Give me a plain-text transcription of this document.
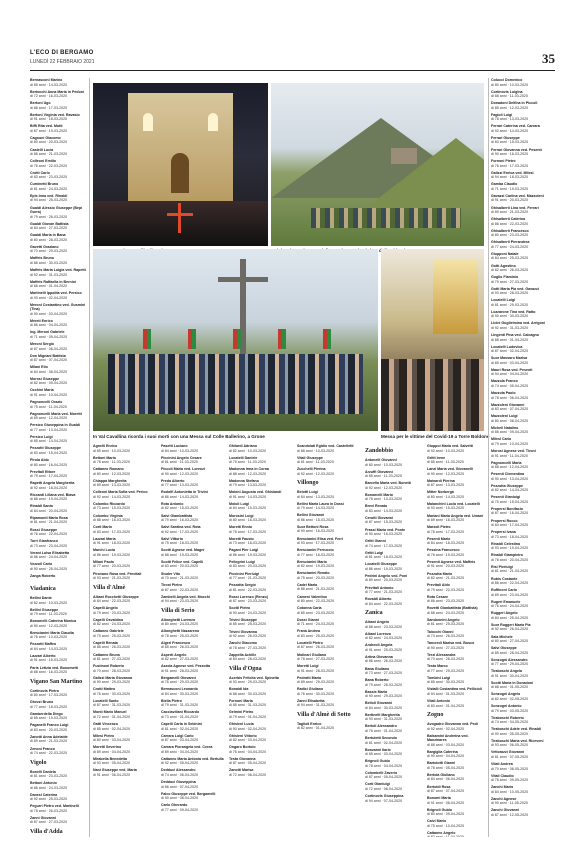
L'ECO DI BERGAMO
LUNEDÌ 22 FEBBRAIO 2021	35
Bernasconi Marino
di 85 anni · 14-03-2020
Bertocchi Anna Maria in Pedoni
di 72 anni · 16-03-2020
Bertoni Ugo
di 88 anni · 17-03-2020
Bertoni Virginia ved. Ravasio
di 91 anni · 18-03-2020
Biffi Rita ved. Mutti
di 87 anni · 19-03-2020
Cagnoni Giacomo
di 80 anni · 20-03-2020
Castelli Lucia
di 86 anni · 21-03-2020
Colleoni Emilio
di 76 anni · 22-03-2020
Crotti Carlo
di 83 anni · 23-03-2020
Cuminetti Bruno
di 81 anni · 24-03-2020
Epis Irma ved. Rinaldi
di 94 anni · 25-03-2020
Gualdi Alessio Giuseppe (Bepi Gurra)
di 79 anni · 26-03-2020
Gualdi Giovan Battista
di 84 anni · 27-03-2020
Gualdi Maria in Bana
di 80 anni · 28-03-2020
Gavetti Graziano
di 70 anni · 29-03-2020
Maffeis Bruno
di 88 anni · 30-03-2020
Maffeis Maria Luigia ved. Rapetti
di 92 anni · 31-03-2020
Maffeis Raffaella in Bernini
di 68 anni · 01-04-2020
Martinelli Ippolita ved. Persico
di 93 anni · 02-04-2020
Meroni Costantino ved. Gusmini (Tina)
di 90 anni · 03-04-2020
Mereti Enrico
di 86 anni · 04-04-2020
Ing. Meroni Gabriele
di 71 anni · 05-04-2020
Meroni Sergio
di 67 anni · 06-04-2020
Don Mignani Battista
di 87 anni · 07-04-2020
Milani Elio
di 84 anni · 08-04-2020
Morosi Giuseppe
di 82 anni · 09-04-2020
Occhini Maria
di 91 anni · 10-04-2020
Pagnoncelli Orazio
di 75 anni · 11-04-2020
Pagnoncelli Maria ved. Moretti
di 89 anni · 12-04-2020
Persico Giuseppina in Gualdi
di 77 anni · 13-04-2020
Persico Luigi
di 85 anni · 14-04-2020
Pezzotti Giuseppe
di 83 anni · 15-04-2020
Pirola Aldo
di 80 anni · 16-04-2020
Previtali Ettore
di 79 anni · 17-04-2020
Rapetti Angela Margherita
di 92 anni · 18-04-2020
Riccardi Liliana ved. Biava
di 88 anni · 19-04-2020
Rinaldi Santo
di 84 anni · 20-04-2020
Ripamonti Maria Rosa
di 81 anni · 21-04-2020
Rossi Giuseppe
di 76 anni · 22-04-2020
Torri Gianfranco
di 73 anni · 23-04-2020
Verani Luisa Elisabetta
di 86 anni · 24-04-2020
Vezzoli Carlo
di 90 anni · 25-04-2020
Zanga Roberto
Viadanica
Bellini Dante
di 82 anni · 10-03-2020
Bellini Giuseppe
di 79 anni · 11-03-2020
Bonomelli Caterina Monica
di 90 anni · 12-03-2020
Brescianini Maria Claudia
di 76 anni · 13-03-2020
Pezzotti Maffeo
di 84 anni · 14-03-2020
Lazzari Alberto
di 91 anni · 15-03-2020
Paris Letizia ved. Bonometti
di 88 anni · 16-03-2020
Vigano San Martino
Cortinovis Pietro
di 80 anni · 17-03-2020
Ghezzi Bruno
di 77 anni · 18-03-2020
Gamberdella Diego
di 85 anni · 19-03-2020
Paganelli Franco Luigi
di 83 anni · 20-03-2020
Zanotti Anna Adelaide
di 89 anni · 21-03-2020
Zenoni Franco
di 74 anni · 22-03-2020
Vigolo
Bonelli Daniela
di 81 anni · 23-03-2020
Bettoni Antonio
di 86 anni · 24-03-2020
Danesi Caterina
di 92 anni · 25-03-2020
Pegurri Pietro ved. Martinelli
di 78 anni · 26-03-2020
Zanni Giovanni
di 87 anni · 27-03-2020
Villa d'Adda
In Val Cavallina ricorda i suoi morti con una Messa sul Colle Ballerino, a Grone	Messa per le vittime del Covid-19 a Torre Boldone
Agnelli Enrico
di 85 anni · 10-03-2020
Bettoni Mario
di 78 anni · 11-03-2020
Cattaneo Romano
di 80 anni · 12-03-2020
Chiappa Margherita
di 89 anni · 13-03-2020
Colleoni Maria Sofia ved. Perico
di 92 anni · 14-03-2020
Colombo Riccardo
di 73 anni · 15-03-2020
Colombo Virginia
di 88 anni · 16-03-2020
Corti Mario
di 83 anni · 17-03-2020
Lazzari Maria
di 91 anni · 18-03-2020
Marchi Lucia
di 86 anni · 19-03-2020
Milani Paolo
di 77 anni · 20-03-2020
Pirovano Rosa ved. Previtali
di 93 anni · 21-03-2020
Villa d'Almè
Albani Rocchetti Giuseppe
di 84 anni · 22-03-2020
Capelli Angelo
di 79 anni · 23-03-2020
Capelli Osvaldino
di 82 anni · 24-03-2020
Cattaneo Gabriele
di 75 anni · 25-03-2020
Capelli Renata
di 88 anni · 26-03-2020
Cattaneo Bruno
di 81 anni · 27-03-2020
Fustinoni Roberto
di 70 anni · 28-03-2020
Galizzi Maria Giovanna
di 90 anni · 29-03-2020
Crotti Matteo
di 76 anni · 30-03-2020
Locatelli Santo
di 87 anni · 31-03-2020
Monti Mario Manuel
di 72 anni · 01-04-2020
Gatti Vincenzo
di 85 anni · 02-04-2020
Milesi Pietro
di 80 anni · 03-04-2020
Moretti Severino
di 89 anni · 04-04-2020
Mirabella Benedetta
di 93 anni · 05-04-2020
Nani Giuseppe ved. Maria
di 91 anni · 06-04-2020
Pasetti Luciano
di 84 anni · 10-03-2020
Piccinini Angelo Cesare
di 81 anni · 11-03-2020
Piccoli Maria ved. Lorenzi
di 90 anni · 12-03-2020
Preda Alberto
di 77 anni · 13-03-2020
Rodolfi Antonietta in Trivini
di 86 anni · 14-03-2020
Rota Antonio
di 82 anni · 15-03-2020
Salvi Giambattista
di 79 anni · 16-03-2020
Salvi Santina ved. Rota
di 92 anni · 17-03-2020
Salvi Vittorio
di 75 anni · 18-03-2020
Scotti Agnese ved. Magni
di 88 anni · 19-03-2020
Scotti Felice ved. Capelli
di 83 anni · 20-03-2020
Studer Vito
di 70 anni · 21-03-2020
Tironi Pietro
di 87 anni · 22-03-2020
Zambelli Angela ved. Mocchi
di 94 anni · 23-03-2020
Villa di Serio
Alborghetti Lorenzo
di 80 anni · 24-03-2020
Alborghetti Nazzareno
di 78 anni · 25-03-2020
Algeri Francesco
di 85 anni · 26-03-2020
Asperti Angelo
di 82 anni · 27-03-2020
Azzola Agnese ved. Pezzotta
di 91 anni · 28-03-2020
Bergamelli Giovanni
di 76 anni · 29-03-2020
Bernasconi Leonardo
di 84 anni · 30-03-2020
Biella Pietro
di 79 anni · 31-03-2020
Cacciavillani Riccardo
di 73 anni · 01-04-2020
Capelli Carla in Sebinini
di 81 anni · 02-04-2020
Carrara Luigi Carlo
di 87 anni · 03-04-2020
Carrara Piorangela ved. Cerea
di 89 anni · 04-04-2020
Cattaneo Maria Antonia ved. Bertulla
di 92 anni · 05-04-2020
Dedduci Alessandro
di 74 anni · 06-04-2020
Dedduci Giuseppina
di 86 anni · 07-04-2020
Falco Giuseppe ved. Bergamelli
di 90 anni · 08-04-2020
Carlo Gherardo
di 77 anni · 09-04-2020
Ghilardi Adriano
di 82 anni · 10-03-2020
Locatelli Daniele
di 75 anni · 11-03-2020
Madonna Irma in Corna
di 88 anni · 12-03-2020
Madonna Stefano
di 79 anni · 13-03-2020
Moioni Augusta ved. Ghislandi
di 91 anni · 14-03-2020
Moioli Luigi
di 84 anni · 15-03-2020
Morosini Luigi
di 80 anni · 16-03-2020
Moretti Ennio
di 76 anni · 17-03-2020
Moretti Fausto
di 73 anni · 18-03-2020
Pagani Pier Luigi
di 86 anni · 19-03-2020
Pellegrini Luigi
di 83 anni · 20-03-2020
Piccinini Pierluigi
di 77 anni · 21-03-2020
Pezzotta Sergio
di 81 anni · 22-03-2020
Rossi Lorenzo (Renzo)
di 87 anni · 23-03-2020
Scotti Pietro
di 90 anni · 24-03-2020
Trivini Giuseppe
di 85 anni · 25-03-2020
Trivini Giovanna
di 92 anni · 26-03-2020
Zanchi Giacomo
di 78 anni · 27-03-2020
Zappella Achille
di 84 anni · 28-03-2020
Villa d'Ogna
Acerbis Felicita ved. Spinetta
di 93 anni · 29-03-2020
Bonaldi Ida
di 88 anni · 30-03-2020
Fornoni Maria
di 85 anni · 31-03-2020
Gelmini Pietro
di 79 anni · 01-04-2020
Ghisleni Lucia
di 90 anni · 02-04-2020
Ghisleni Vittorio
di 82 anni · 03-04-2020
Ongaro Bortolo
di 76 anni · 04-04-2020
Testa Giovanna
di 87 anni · 05-04-2020
Zanotti Marisa
di 72 anni · 06-04-2020
Scandolati Egidio ved. Castelletti
di 88 anni · 10-03-2020
Vitali Giuseppe
di 81 anni · 11-03-2020
Zucchelli Pierina
di 92 anni · 12-03-2020
Villongo
Belotti Luigi
di 84 anni · 13-03-2020
Bellini Maria Laura in Dossi
di 79 anni · 14-03-2020
Bellini Giovanni
di 86 anni · 15-03-2020
Suor Bettoni Rosa
di 90 anni · 16-03-2020
Brescianini Elisa ved. Ferri
di 93 anni · 17-03-2020
Brescianini Ferruccio
di 77 anni · 18-03-2020
Brescianini Mario
di 82 anni · 19-03-2020
Brescianini Renato
di 75 anni · 20-03-2020
Cadei Maria
di 88 anni · 21-03-2020
Cameni Valentino
di 80 anni · 22-03-2020
Cotonna Carla
di 85 anni · 23-03-2020
Dossi Gianni
di 71 anni · 24-03-2020
Frana Andrea
di 83 anni · 25-03-2020
Locatelli Pietro
di 87 anni · 26-03-2020
Molinari Giuliano
di 78 anni · 27-03-2020
Moretti Luigi
di 91 anni · 28-03-2020
Pedrotti Maria
di 89 anni · 29-03-2020
Radici Giuliano
di 76 anni · 30-03-2020
Zanni Elisabetta
di 94 anni · 31-03-2020
Villa d'Almè di Sotto
Taglioli Enrico
di 82 anni · 01-04-2020
Zandobbio
Antonelli Giovanni
di 80 anni · 10-03-2020
Arzuffi Giovanni
di 85 anni · 11-03-2020
Barcella Maria ved. Bonetti
di 92 anni · 12-03-2020
Bonomelli Mario
di 78 anni · 13-03-2020
Brevi Renato
di 83 anni · 14-03-2020
Cerutti Giovanni
di 87 anni · 15-03-2020
Frassi Maria ved. Ponte
di 90 anni · 16-03-2020
Gritti Gianni
di 74 anni · 17-03-2020
Gritti Luigi
di 81 anni · 18-03-2020
Locatelli Giuseppe
di 86 anni · 19-03-2020
Pedrini Angelo ved. Poni
di 89 anni · 20-03-2020
Previtali Antonio
di 77 anni · 21-03-2020
Rovaldi Alberto
di 84 anni · 22-03-2020
Zanica
Albani Angelo
di 88 anni · 23-03-2020
Albani Lorenzo
di 82 anni · 24-03-2020
Andreoli Angela
di 91 anni · 25-03-2020
Artina Giovanna
di 86 anni · 26-03-2020
Bana Giuliano
di 73 anni · 27-03-2020
Bana Roberto
di 79 anni · 28-03-2020
Bassis Maria
di 90 anni · 29-03-2020
Belloli Giovanni
di 84 anni · 30-03-2020
Bertinelli Margherita
di 93 anni · 31-03-2020
Bertoli Alessandro
di 76 anni · 01-04-2020
Bertuletti Secondo
di 81 anni · 02-04-2020
Bonzanni Ilario
di 85 anni · 03-04-2020
Brignoli Guido
di 78 anni · 04-04-2020
Colombelli Zaverio
di 87 anni · 05-04-2020
Corti Gianluigi
di 72 anni · 06-04-2020
Cortinovis Giuseppina
di 94 anni · 07-04-2020
Giuppoi Maria ved. Salvetti
di 92 anni · 10-03-2020
Gritti Irene
di 85 anni · 11-03-2020
Lanzi Maria ved. Giovanelli
di 90 anni · 12-03-2020
Mainardi Pierina
di 87 anni · 13-03-2020
Mitter Norberga
di 80 anni · 14-03-2020
Malanchini Lucia ved. Locatelli
di 93 anni · 15-03-2020
Mariani Maria Angela ved. Umani
di 89 anni · 16-03-2020
Marzoli Pietro
di 78 anni · 17-03-2020
Pesenti Mario
di 84 anni · 18-03-2020
Pessina Francesco
di 76 anni · 19-03-2020
Pesenti Agnese ved. Maffeis
di 91 anni · 20-03-2020
Pezzotta Mario
di 82 anni · 21-03-2020
Previtali Aldo
di 79 anni · 22-03-2020
Rota Cesare
di 86 anni · 23-03-2020
Rovetti Gianbattista (Battista)
di 88 anni · 24-03-2020
Sandonnini Angelo
di 81 anni · 25-03-2020
Taiocchi Gianni
di 74 anni · 26-03-2020
Tancredi Marisa ved. Bosco
di 90 anni · 27-03-2020
Terzi Alessandra
di 70 anni · 28-03-2020
Testa Marco
di 77 anni · 29-03-2020
Tombini Luigi
di 85 anni · 30-03-2020
Vistalli Costantina ved. Pellicioli
di 94 anni · 31-03-2020
Vitali Antonio
di 83 anni · 01-04-2020
Zogno
Avogadro Giovanna ved. Pedi
di 92 anni · 02-04-2020
Balsamini Andreina ved. Manzinares
di 88 anni · 03-04-2020
Bargiglia Caterina
di 90 anni · 04-04-2020
Bartolotti Gianni
di 78 anni · 05-04-2020
Bertola Giuliano
di 84 anni · 06-04-2020
Bertoldi Rosa
di 87 anni · 07-04-2020
Bonomi Maria
di 91 anni · 08-04-2020
Brignoli Guido
di 80 anni · 09-04-2020
Calvi Mario
di 75 anni · 10-04-2020
Cattaneo Angelo
Colucci Domenico
di 80 anni · 10-03-2020
Cortinovis Luigina
di 88 anni · 11-03-2020
Donadoni Delfina in Piccoli
di 85 anni · 12-03-2020
Fagioli Luigi
di 78 anni · 13-03-2020
Ferrari Caterina ved. Carrara
di 92 anni · 14-03-2020
Ferrari Giuseppe
di 83 anni · 15-03-2020
Ferrari Giovanna ved. Pesenti
di 90 anni · 16-03-2020
Fornoni Pietro
di 76 anni · 17-03-2020
Galizzi Enrica ved. Milesi
di 94 anni · 18-03-2020
Gamba Claudio
di 71 anni · 19-03-2020
Gavazzi Carlina ved. Mazzoleni
di 91 anni · 20-03-2020
Ghisalberti Lina ved. Ferrari
di 89 anni · 21-03-2020
Ghisalberti Caterina
di 86 anni · 22-03-2020
Ghisalberti Francesco
di 80 anni · 23-03-2020
Ghisalberti Pierandrea
di 77 anni · 24-03-2020
Giupponi Natale
di 84 anni · 25-03-2020
Gotti Agostino
di 82 anni · 26-03-2020
Guglio Flaminio
di 79 anni · 27-03-2020
Gotti Maria Pia ved. Gavazzi
di 93 anni · 28-03-2020
Locatelli Luigi
di 81 anni · 29-03-2020
Lozzarone Tina ved. Ratto
di 90 anni · 30-03-2020
Licini Guglielmina ved. Arrigoni
di 92 anni · 31-03-2020
Lingenti Pina ved. Calcagno
di 88 anni · 01-04-2020
Locatelli Ludovica
di 87 anni · 02-04-2020
Suor Massaro Marisa
di 85 anni · 03-04-2020
Mauri Rosa ved. Pesenti
di 94 anni · 04-04-2020
Mazzola Franco
di 74 anni · 05-04-2020
Mazzola Paolo
di 78 anni · 06-04-2020
Mazzoleni Giovanni
di 83 anni · 07-04-2020
Mazzoleni Luigi
di 80 anni · 08-04-2020
Micheli Natalino
di 86 anni · 09-04-2020
Milesi Carlo
di 79 anni · 10-04-2020
Morosi Agnese ved. Tironi
di 91 anni · 11-04-2020
Pagnoncelli Maria
di 88 anni · 12-04-2020
Pesenti Clementina
di 90 anni · 13-04-2020
Pezzotta Giuseppe
di 82 anni · 14-04-2020
Pesenti Gianluigi
di 75 anni · 15-04-2020
Propersi Bonifacio
di 87 anni · 16-04-2020
Propersi Rocco
di 84 anni · 17-04-2020
Propersi Ivana
di 73 anni · 18-04-2020
Rinaldi Celestina
di 93 anni · 19-04-2020
Rinaldi Giampietro
di 78 anni · 20-04-2020
Risi Pierluigi
di 81 anni · 21-04-2020
Rubis Costante
di 86 anni · 22-04-2020
Ruffinoni Carlo
di 89 anni · 23-04-2020
Rugeri Emanuele
di 76 anni · 24-04-2020
Ruggeri Angelo
di 84 anni · 25-04-2020
Suor Ruggeri Maria Pia
di 92 anni · 26-04-2020
Sala Michele
di 80 anni · 27-04-2020
Salvi Giuseppe
di 85 anni · 28-04-2020
Sonzogni Alessandro
di 77 anni · 29-04-2020
Tiraboschi Angela
di 91 anni · 30-04-2020
Scotti Maria in Donadoni
di 88 anni · 01-05-2020
Sonzogni Angelo
di 82 anni · 02-05-2020
Sonzogni Antonio
di 79 anni · 03-05-2020
Tiraboschi Roberto
di 74 anni · 04-05-2020
Tiraboschi Adele ved. Rinaldi
di 90 anni · 05-05-2020
Tiraboschi Maria ved. Riceveni
di 93 anni · 06-05-2020
Vettorazzi Giovanni
di 81 anni · 07-05-2020
Vitali Andrea
di 70 anni · 08-05-2020
Vitali Claudio
di 76 anni · 09-05-2020
Zanchi Mario
di 84 anni · 10-05-2020
Zanchi Agnese
di 90 anni · 11-05-2020
Zanchi Giovanni
di 87 anni · 12-05-2020
